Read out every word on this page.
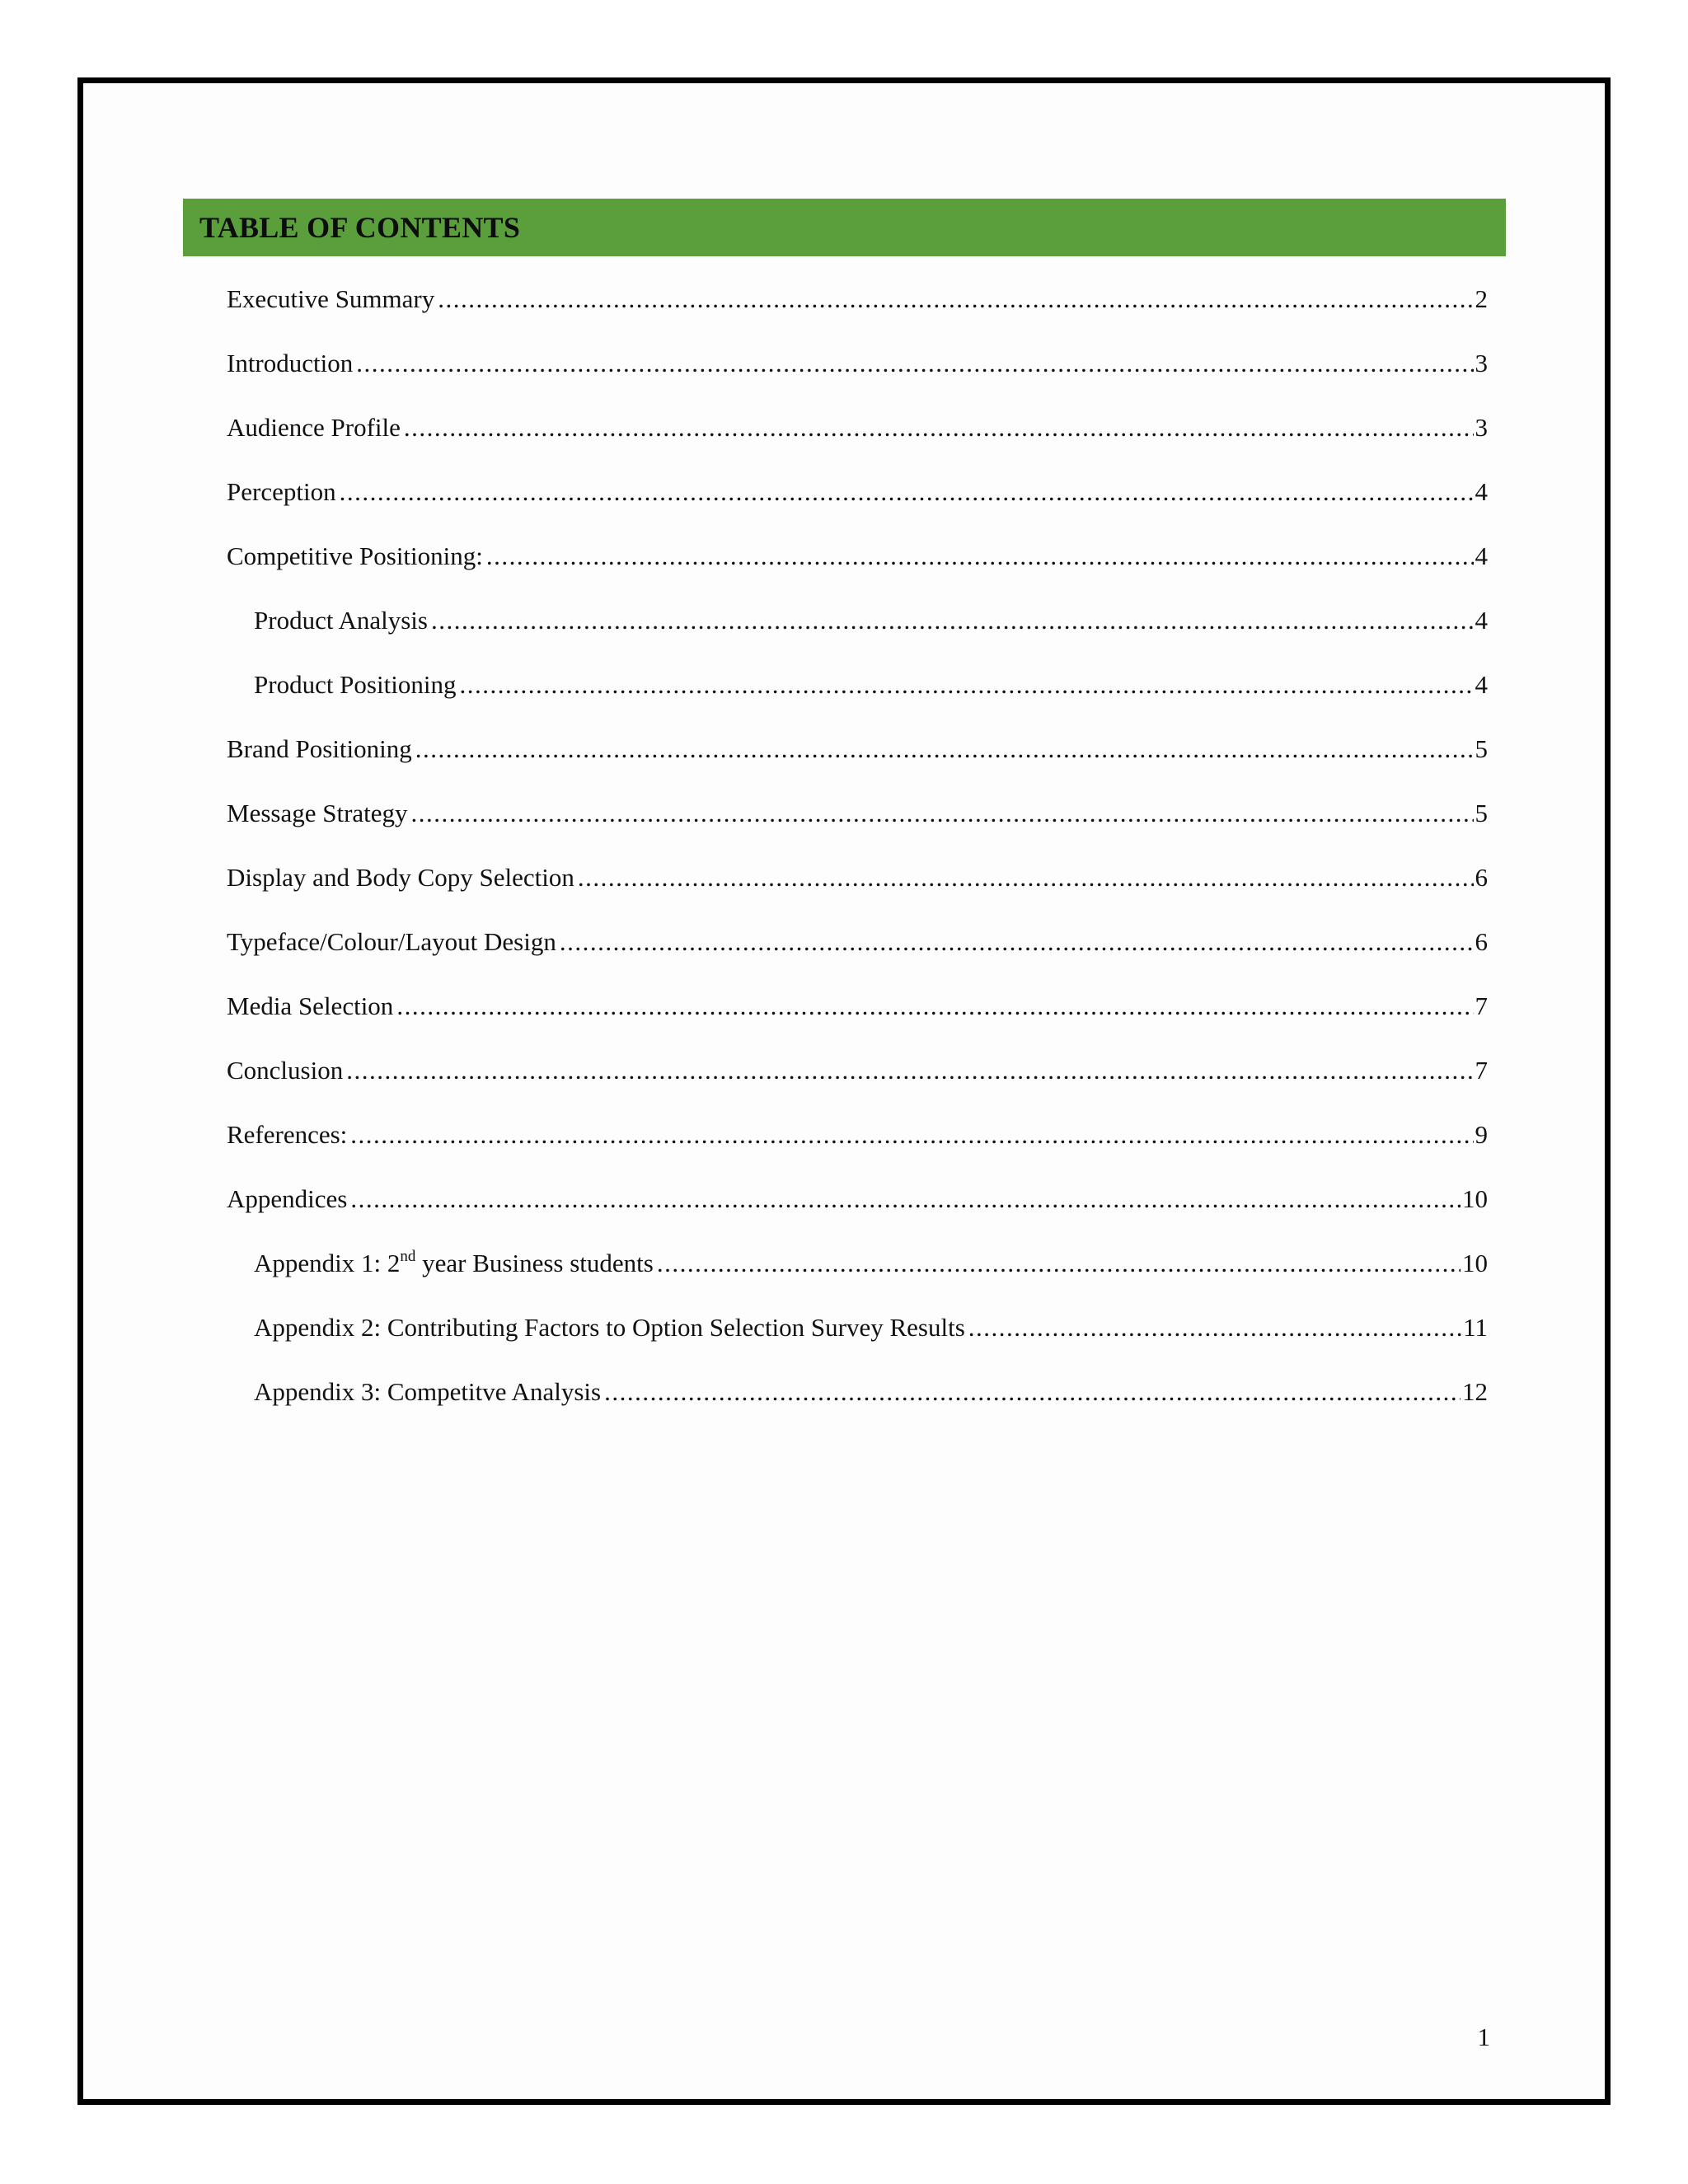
TABLE OF CONTENTS
Executive Summary .....	2
Introduction .....	3
Audience Profile .....	3
Perception .....	4
Competitive Positioning: .....	4
Product Analysis .....	4
Product Positioning .....	4
Brand Positioning .....	5
Message Strategy .....	5
Display and Body Copy Selection .....	6
Typeface/Colour/Layout Design .....	6
Media Selection .....	7
Conclusion .....	7
References: .....	9
Appendices .....	10
Appendix 1: 2nd year Business students .....	10
Appendix 2: Contributing Factors to Option Selection Survey Results .....	11
Appendix 3: Competitve Analysis .....	12
1
